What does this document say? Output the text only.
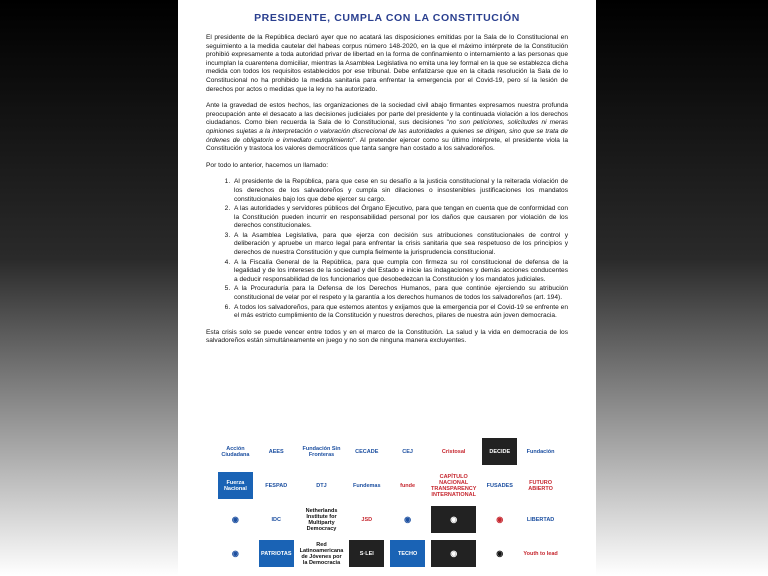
PRESIDENTE, CUMPLA CON LA CONSTITUCIÓN

El presidente de la República declaró ayer que no acatará las disposiciones emitidas por la Sala de lo Constitucional en seguimiento a la medida cautelar del habeas corpus número 148-2020, en la que el máximo intérprete de la Constitución prohibió expresamente a toda autoridad privar de libertad en la forma de confinamiento o internamiento a las personas que incumplan la cuarentena domiciliar, mientras la Asamblea Legislativa no emita una ley formal en la que se establezca dicha medida con todos los requisitos establecidos por ese tribunal. Debe enfatizarse que en la citada resolución la Sala de lo Constitucional no ha prohibido la medida sanitaria para enfrentar la emergencia por el Covid-19, pero sí la lesión de derechos por actos o medidas que la ley no ha autorizado.

Ante la gravedad de estos hechos, las organizaciones de la sociedad civil abajo firmantes expresamos nuestra profunda preocupación ante el desacato a las decisiones judiciales por parte del presidente y la continuada violación a los derechos ciudadanos. Como bien recuerda la Sala de lo Constitucional, sus decisiones "no son peticiones, solicitudes ni meras opiniones sujetas a la interpretación o valoración discrecional de las autoridades a quienes se dirigen, sino que se trata de órdenes de obligatorio e inmediato cumplimiento". Al pretender ejercer como su último intérprete, el presidente viola la Constitución y trastoca los valores democráticos que tanta sangre han costado a los salvadoreños.

Por todo lo anterior, hacemos un llamado:

1. Al presidente de la República, para que cese en su desafío a la justicia constitucional y la reiterada violación de los derechos de los salvadoreños y cumpla sin dilaciones o insostenibles justificaciones los mandatos constitucionales bajo los que debe ejercer su cargo.
2. A las autoridades y servidores públicos del Órgano Ejecutivo, para que tengan en cuenta que de conformidad con la Constitución pueden incurrir en responsabilidad personal por los daños que causaren por violación de los derechos constitucionales.
3. A la Asamblea Legislativa, para que ejerza con decisión sus atribuciones constitucionales de control y deliberación y apruebe un marco legal para enfrentar la crisis sanitaria que sea respetuoso de los principios y derechos de nuestra Constitución y que cumpla fielmente la jurisprudencia constitucional.
4. A la Fiscalía General de la República, para que cumpla con firmeza su rol constitucional de defensa de la legalidad y de los intereses de la sociedad y del Estado e inicie las indagaciones y demás acciones conducentes a deducir responsabilidad de los funcionarios que desobedezcan la Constitución y los mandatos judiciales.
5. A la Procuraduría para la Defensa de los Derechos Humanos, para que continúe ejerciendo su atribución constitucional de velar por el respeto y la garantía a los derechos humanos de todos los salvadoreños (art. 194).
6. A todos los salvadoreños, para que estemos atentos y exijamos que la emergencia por el Covid-19 se enfrente en el más estricto cumplimiento de la Constitución y nuestros derechos, pilares de nuestra aún joven democracia.

Esta crisis solo se puede vencer entre todos y en el marco de la Constitución. La salud y la vida en democracia de los salvadoreños están simultáneamente en juego y no son de ninguna manera excluyentes.

Acción Ciudadana	AEES	Fundación Sin Fronteras	CECADE	CEJ	Cristosal	DECIDE	Fundación
Fuerza Nacional	FESPAD	DTJ	Fundemas	funde
CAPÍTULO NACIONAL TRANSPARENCY INTERNATIONAL
FUSADES	FUTURO ABIERTO
◉	IDC
Netherlands Institute for Multiparty Democracy
JSD	◉	◉	◉	LIBERTAD
◉	PATRIOTAS
Red Latinoamericana de Jóvenes por la Democracia
S·LEI	TECHO	◉	◉	Youth to lead
